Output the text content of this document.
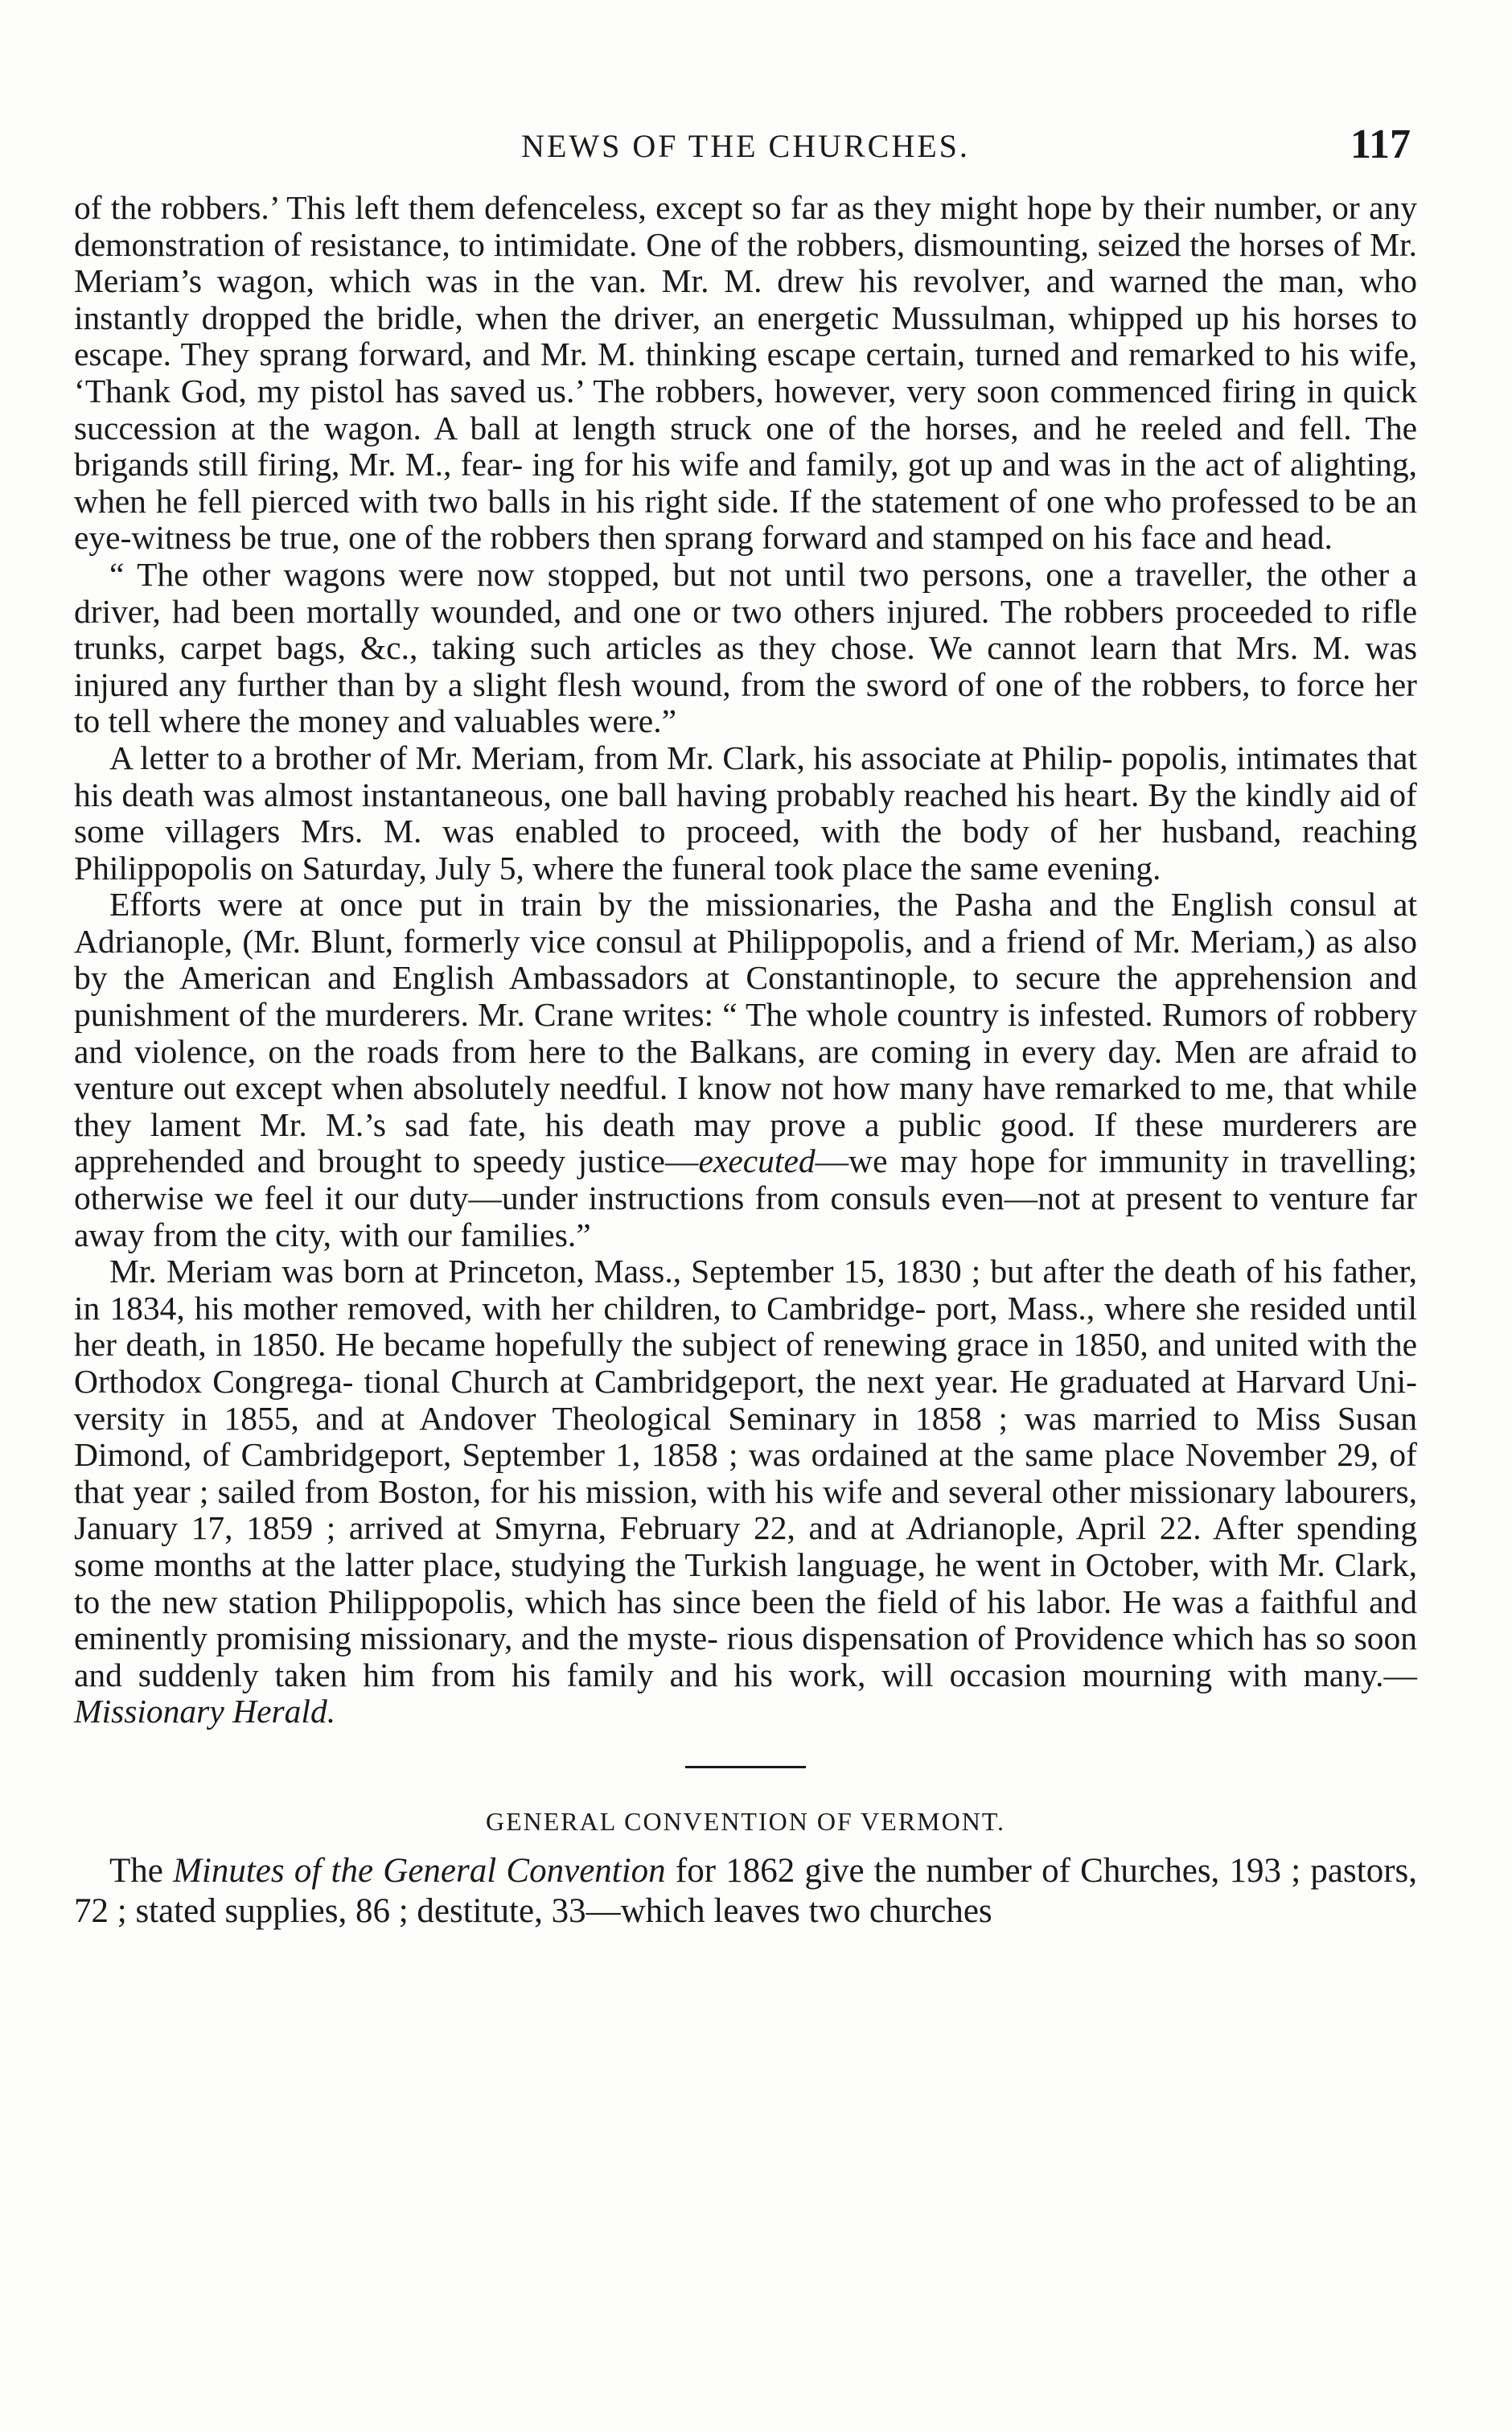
NEWS OF THE CHURCHES.	117

of the robbers.’ This left them defenceless, except so far as they might hope by their number, or any demonstration of resistance, to intimidate. One of the robbers, dismounting, seized the horses of Mr. Meriam’s wagon, which was in the van. Mr. M. drew his revolver, and warned the man, who instantly dropped the bridle, when the driver, an energetic Mussulman, whipped up his horses to escape. They sprang forward, and Mr. M. thinking escape certain, turned and remarked to his wife, ‘Thank God, my pistol has saved us.’ The robbers, however, very soon commenced firing in quick succession at the wagon. A ball at length struck one of the horses, and he reeled and fell. The brigands still firing, Mr. M., fear- ing for his wife and family, got up and was in the act of alighting, when he fell pierced with two balls in his right side. If the statement of one who professed to be an eye-witness be true, one of the robbers then sprang forward and stamped on his face and head.

“ The other wagons were now stopped, but not until two persons, one a traveller, the other a driver, had been mortally wounded, and one or two others injured. The robbers proceeded to rifle trunks, carpet bags, &c., taking such articles as they chose. We cannot learn that Mrs. M. was injured any further than by a slight flesh wound, from the sword of one of the robbers, to force her to tell where the money and valuables were.”

A letter to a brother of Mr. Meriam, from Mr. Clark, his associate at Philip- popolis, intimates that his death was almost instantaneous, one ball having probably reached his heart. By the kindly aid of some villagers Mrs. M. was enabled to proceed, with the body of her husband, reaching Philippopolis on Saturday, July 5, where the funeral took place the same evening.

Efforts were at once put in train by the missionaries, the Pasha and the English consul at Adrianople, (Mr. Blunt, formerly vice consul at Philippopolis, and a friend of Mr. Meriam,) as also by the American and English Ambassadors at Constantinople, to secure the apprehension and punishment of the murderers. Mr. Crane writes: “ The whole country is infested. Rumors of robbery and violence, on the roads from here to the Balkans, are coming in every day. Men are afraid to venture out except when absolutely needful. I know not how many have remarked to me, that while they lament Mr. M.’s sad fate, his death may prove a public good. If these murderers are apprehended and brought to speedy justice—executed—we may hope for immunity in travelling; otherwise we feel it our duty—under instructions from consuls even—not at present to venture far away from the city, with our families.”

Mr. Meriam was born at Princeton, Mass., September 15, 1830 ; but after the death of his father, in 1834, his mother removed, with her children, to Cambridge- port, Mass., where she resided until her death, in 1850. He became hopefully the subject of renewing grace in 1850, and united with the Orthodox Congrega- tional Church at Cambridgeport, the next year. He graduated at Harvard Uni- versity in 1855, and at Andover Theological Seminary in 1858 ; was married to Miss Susan Dimond, of Cambridgeport, September 1, 1858 ; was ordained at the same place November 29, of that year ; sailed from Boston, for his mission, with his wife and several other missionary labourers, January 17, 1859 ; arrived at Smyrna, February 22, and at Adrianople, April 22. After spending some months at the latter place, studying the Turkish language, he went in October, with Mr. Clark, to the new station Philippopolis, which has since been the field of his labor. He was a faithful and eminently promising missionary, and the myste- rious dispensation of Providence which has so soon and suddenly taken him from his family and his work, will occasion mourning with many.—Missionary Herald.

GENERAL CONVENTION OF VERMONT.

The Minutes of the General Convention for 1862 give the number of Churches, 193 ; pastors, 72 ; stated supplies, 86 ; destitute, 33—which leaves two churches
